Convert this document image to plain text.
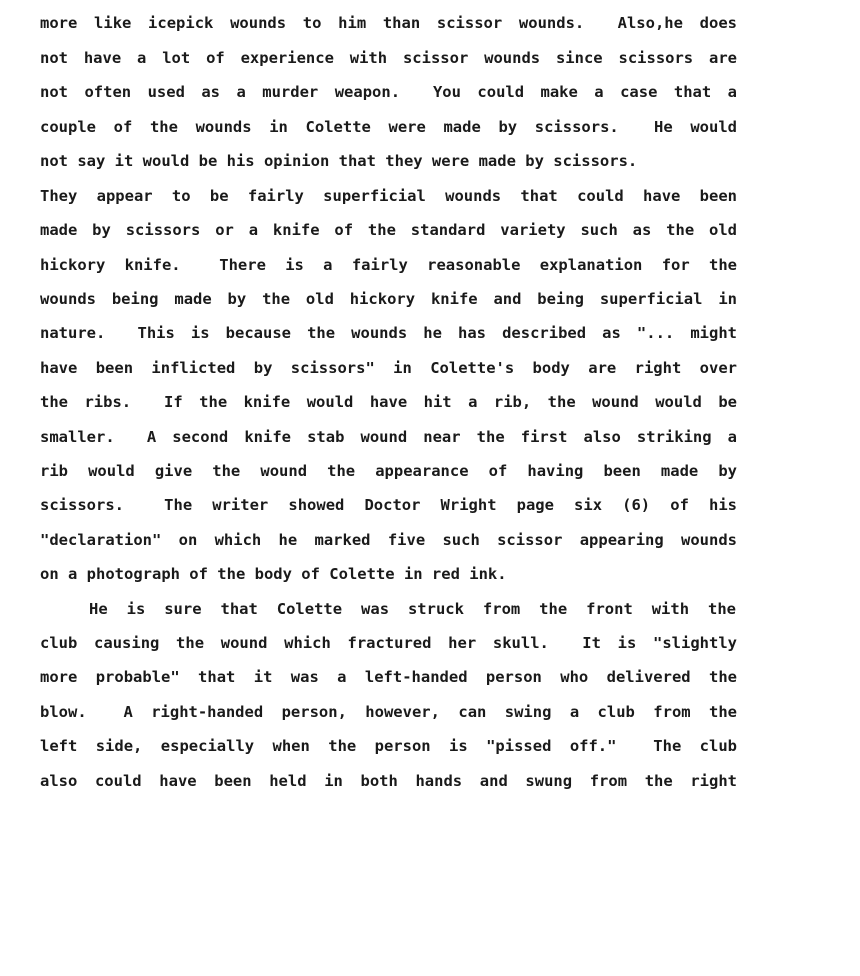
more like icepick wounds to him than scissor wounds.  Also,he does
not have a lot of experience with scissor wounds since scissors are
not often used as a murder weapon.  You could make a case that a
couple of the wounds in Colette were made by scissors.  He would
not say it would be his opinion that they were made by scissors.
They appear to be fairly superficial wounds that could have been
made by scissors or a knife of the standard variety such as the old
hickory knife.  There is a fairly reasonable explanation for the
wounds being made by the old hickory knife and being superficial in
nature.  This is because the wounds he has described as "... might
have been inflicted by scissors" in Colette's body are right over
the ribs.  If the knife would have hit a rib, the wound would be
smaller.  A second knife stab wound near the first also striking a
rib would give the wound the appearance of having been made by
scissors.  The writer showed Doctor Wright page six (6) of his
"declaration" on which he marked five such scissor appearing wounds
on a photograph of the body of Colette in red ink.
He is sure that Colette was struck from the front with the
club causing the wound which fractured her skull.  It is "slightly
more probable" that it was a left-handed person who delivered the
blow.  A right-handed person, however, can swing a club from the
left side, especially when the person is "pissed off."  The club
also could have been held in both hands and swung from the right
